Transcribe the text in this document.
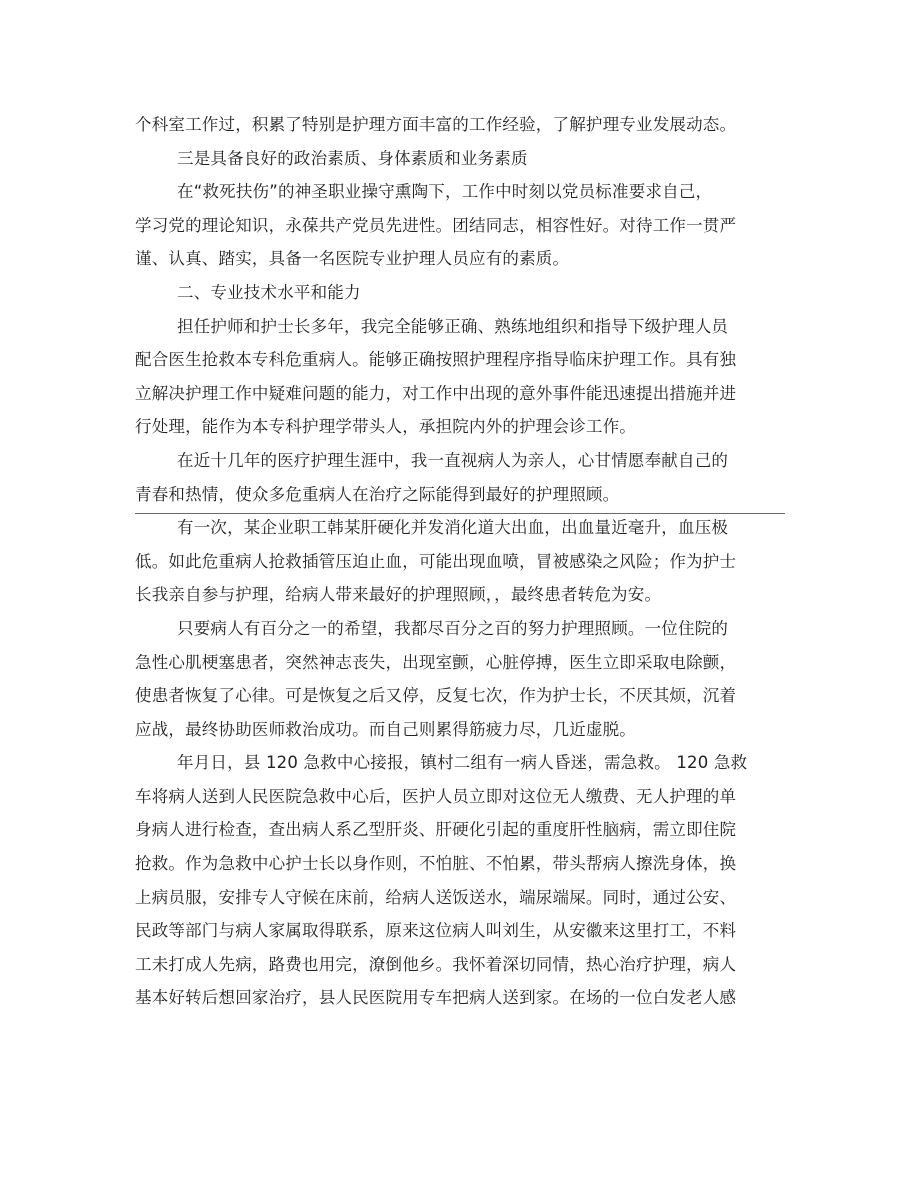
个科室工作过，积累了特别是护理方面丰富的工作经验，了解护理专业发展动态。
三是具备良好的政治素质、身体素质和业务素质
在“救死扶伤”的神圣职业操守熏陶下，工作中时刻以党员标准要求自己，
学习党的理论知识，永葆共产党员先进性。团结同志，相容性好。对待工作一贯严
谨、认真、踏实，具备一名医院专业护理人员应有的素质。
二、专业技术水平和能力
担任护师和护士长多年，我完全能够正确、熟练地组织和指导下级护理人员
配合医生抢救本专科危重病人。能够正确按照护理程序指导临床护理工作。具有独
立解决护理工作中疑难问题的能力，对工作中出现的意外事件能迅速提出措施并进
行处理，能作为本专科护理学带头人，承担院内外的护理会诊工作。
在近十几年的医疗护理生涯中，我一直视病人为亲人，心甘情愿奉献自己的
青春和热情，使众多危重病人在治疗之际能得到最好的护理照顾。
有一次，某企业职工韩某肝硬化并发消化道大出血，出血量近毫升，血压极
低。如此危重病人抢救插管压迫止血，可能出现血喷，冒被感染之风险；作为护士
长我亲自参与护理，给病人带来最好的护理照顾，，最终患者转危为安。
只要病人有百分之一的希望，我都尽百分之百的努力护理照顾。一位住院的
急性心肌梗塞患者，突然神志丧失，出现室颤，心脏停搏，医生立即采取电除颤，
使患者恢复了心律。可是恢复之后又停，反复七次，作为护士长，不厌其烦，沉着
应战，最终协助医师救治成功。而自己则累得筋疲力尽，几近虚脱。
年月日，县 120 急救中心接报，镇村二组有一病人昏迷，需急救。 120 急救
车将病人送到人民医院急救中心后，医护人员立即对这位无人缴费、无人护理的单
身病人进行检查，查出病人系乙型肝炎、肝硬化引起的重度肝性脑病，需立即住院
抢救。作为急救中心护士长以身作则，不怕脏、不怕累，带头帮病人擦洗身体，换
上病员服，安排专人守候在床前，给病人送饭送水，端尿端屎。同时，通过公安、
民政等部门与病人家属取得联系，原来这位病人叫刘生，从安徽来这里打工，不料
工未打成人先病，路费也用完，潦倒他乡。我怀着深切同情，热心治疗护理，病人
基本好转后想回家治疗，县人民医院用专车把病人送到家。在场的一位白发老人感
